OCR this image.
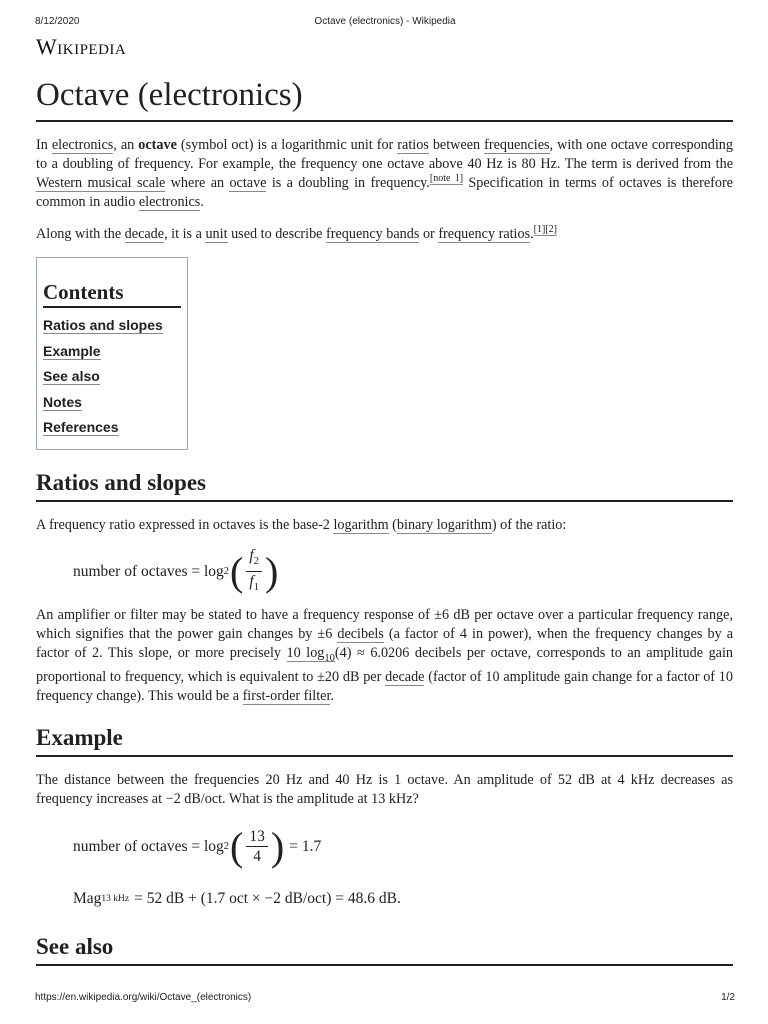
8/12/2020	Octave (electronics) - Wikipedia
Wikipedia
Octave (electronics)

In electronics, an octave (symbol oct) is a logarithmic unit for ratios between frequencies, with one octave corresponding to a doubling of frequency. For example, the frequency one octave above 40 Hz is 80 Hz. The term is derived from the Western musical scale where an octave is a doubling in frequency.[note 1] Specification in terms of octaves is therefore common in audio electronics.

Along with the decade, it is a unit used to describe frequency bands or frequency ratios.[1][2]

Contents
Ratios and slopes
Example
See also
Notes
References
Ratios and slopes

A frequency ratio expressed in octaves is the base-2 logarithm (binary logarithm) of the ratio:

number of octaves = log 2 ( $\frac{f_2}{f_1}$ )

An amplifier or filter may be stated to have a frequency response of ±6 dB per octave over a particular frequency range, which signifies that the power gain changes by ±6 decibels (a factor of 4 in power), when the frequency changes by a factor of 2. This slope, or more precisely 10 $\log_{10}(4) \approx 6.0206$ decibels per octave, corresponds to an amplitude gain proportional to frequency, which is equivalent to ±20 dB per decade (factor of 10 amplitude gain change for a factor of 10 frequency change). This would be a first-order filter.

Example

The distance between the frequencies 20 Hz and 40 Hz is 1 octave. An amplitude of 52 dB at 4 kHz decreases as frequency increases at −2 dB/oct. What is the amplitude at 13 kHz?

number of octaves = log 2 ( $\frac{13}{4}$ ) = 1.7
Mag 13 kHz = 52 dB + (1.7 oct × −2 dB/oct) = 48.6 dB.
See also
https://en.wikipedia.org/wiki/Octave_(electronics)	1/2
